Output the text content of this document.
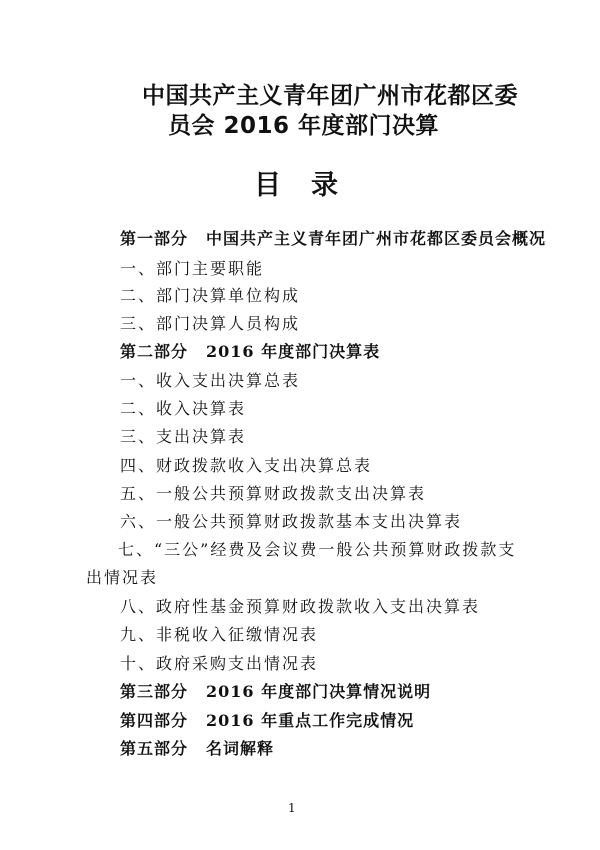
中国共产主义青年团广州市花都区委
员会 2016 年度部门决算
目录
第一部分 中国共产主义青年团广州市花都区委员会概况
一、部门主要职能
二、部门决算单位构成
三、部门决算人员构成
第二部分 2016 年度部门决算表
一、收入支出决算总表
二、收入决算表
三、支出决算表
四、财政拨款收入支出决算总表
五、一般公共预算财政拨款支出决算表
六、一般公共预算财政拨款基本支出决算表
七、“三公”经费及会议费一般公共预算财政拨款支出情况表
八、政府性基金预算财政拨款收入支出决算表
九、非税收入征缴情况表
十、政府采购支出情况表
第三部分 2016 年度部门决算情况说明
第四部分 2016 年重点工作完成情况
第五部分 名词解释
1
